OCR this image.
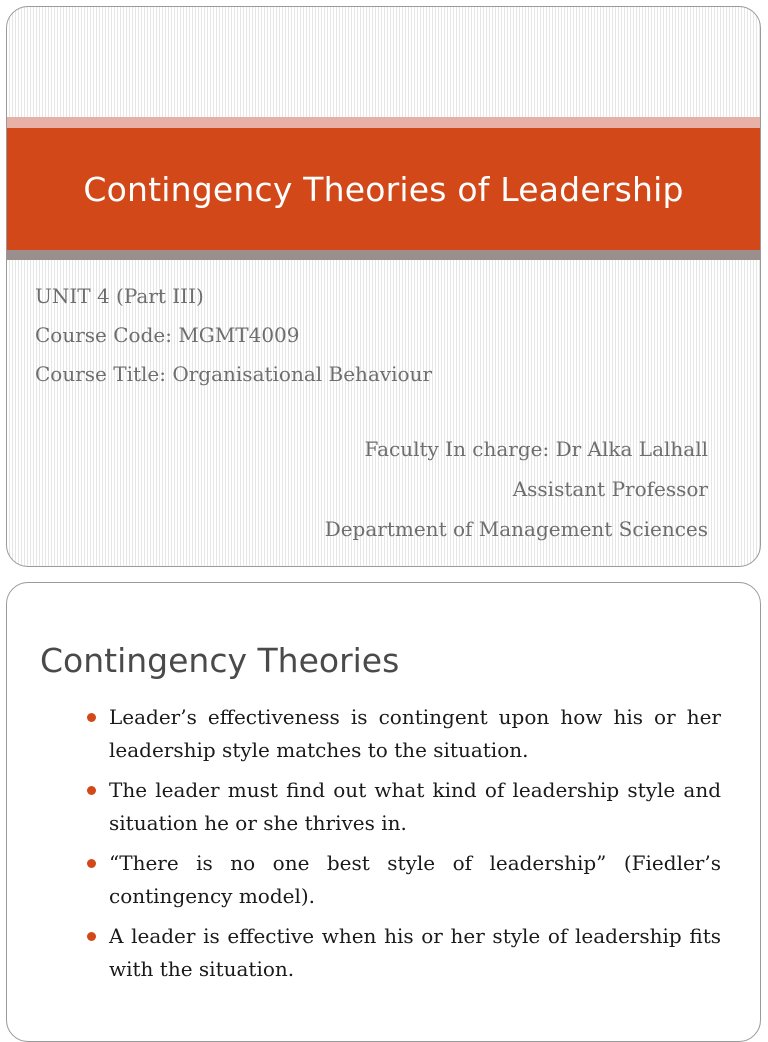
Contingency Theories of Leadership
UNIT 4 (Part III)
Course Code: MGMT4009
Course Title: Organisational Behaviour
Faculty In charge: Dr Alka Lalhall
Assistant Professor
Department of Management Sciences
Contingency Theories
Leader’s effectiveness is contingent upon how his or her leadership style matches to the situation.
The leader must find out what kind of leadership style and situation he or she thrives in.
“There is no one best style of leadership” (Fiedler’s contingency model).
A leader is effective when his or her style of leadership fits with the situation.
